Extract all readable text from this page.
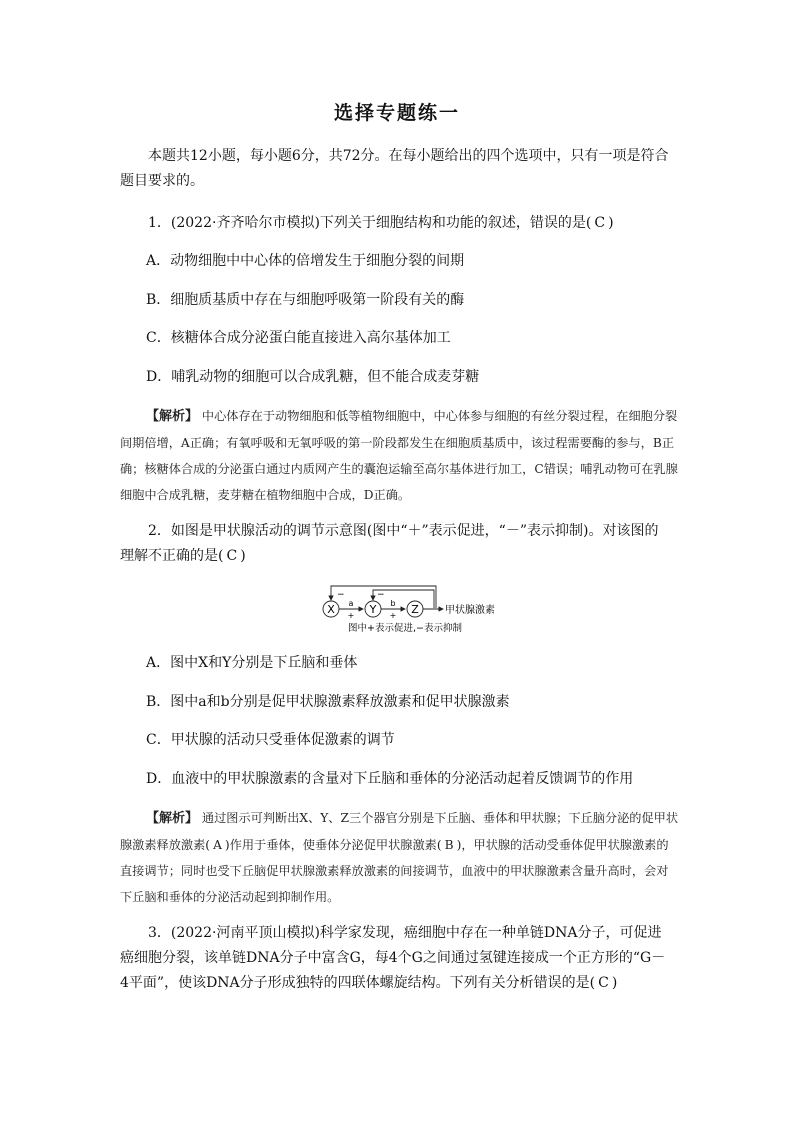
选择专题练一

本题共12小题，每小题6分，共72分。在每小题给出的四个选项中，只有一项是符合题目要求的。

1．(2022·齐齐哈尔市模拟)下列关于细胞结构和功能的叙述，错误的是( C )

A．动物细胞中中心体的倍增发生于细胞分裂的间期

B．细胞质基质中存在与细胞呼吸第一阶段有关的酶

C．核糖体合成分泌蛋白能直接进入高尔基体加工

D．哺乳动物的细胞可以合成乳糖，但不能合成麦芽糖

【解析】 中心体存在于动物细胞和低等植物细胞中，中心体参与细胞的有丝分裂过程，在细胞分裂间期倍增，A正确；有氧呼吸和无氧呼吸的第一阶段都发生在细胞质基质中，该过程需要酶的参与，B正确；核糖体合成的分泌蛋白通过内质网产生的囊泡运输至高尔基体进行加工，C错误；哺乳动物可在乳腺细胞中合成乳糖，麦芽糖在植物细胞中合成，D正确。

2．如图是甲状腺活动的调节示意图(图中“＋”表示促进，“－”表示抑制)。对该图的理解不正确的是( C )

−	−
X	Y	Z
a
+
b
+	甲状腺激素
图中+表示促进,−表示抑制

A．图中X和Y分别是下丘脑和垂体

B．图中a和b分别是促甲状腺激素释放激素和促甲状腺激素

C．甲状腺的活动只受垂体促激素的调节

D．血液中的甲状腺激素的含量对下丘脑和垂体的分泌活动起着反馈调节的作用

【解析】 通过图示可判断出X、Y、Z三个器官分别是下丘脑、垂体和甲状腺；下丘脑分泌的促甲状腺激素释放激素( A )作用于垂体，使垂体分泌促甲状腺激素( B )，甲状腺的活动受垂体促甲状腺激素的直接调节；同时也受下丘脑促甲状腺激素释放激素的间接调节，血液中的甲状腺激素含量升高时，会对下丘脑和垂体的分泌活动起到抑制作用。

3．(2022·河南平顶山模拟)科学家发现，癌细胞中存在一种单链DNA分子，可促进癌细胞分裂，该单链DNA分子中富含G，每4个G之间通过氢键连接成一个正方形的“G－4平面”，使该DNA分子形成独特的四联体螺旋结构。下列有关分析错误的是( C )
